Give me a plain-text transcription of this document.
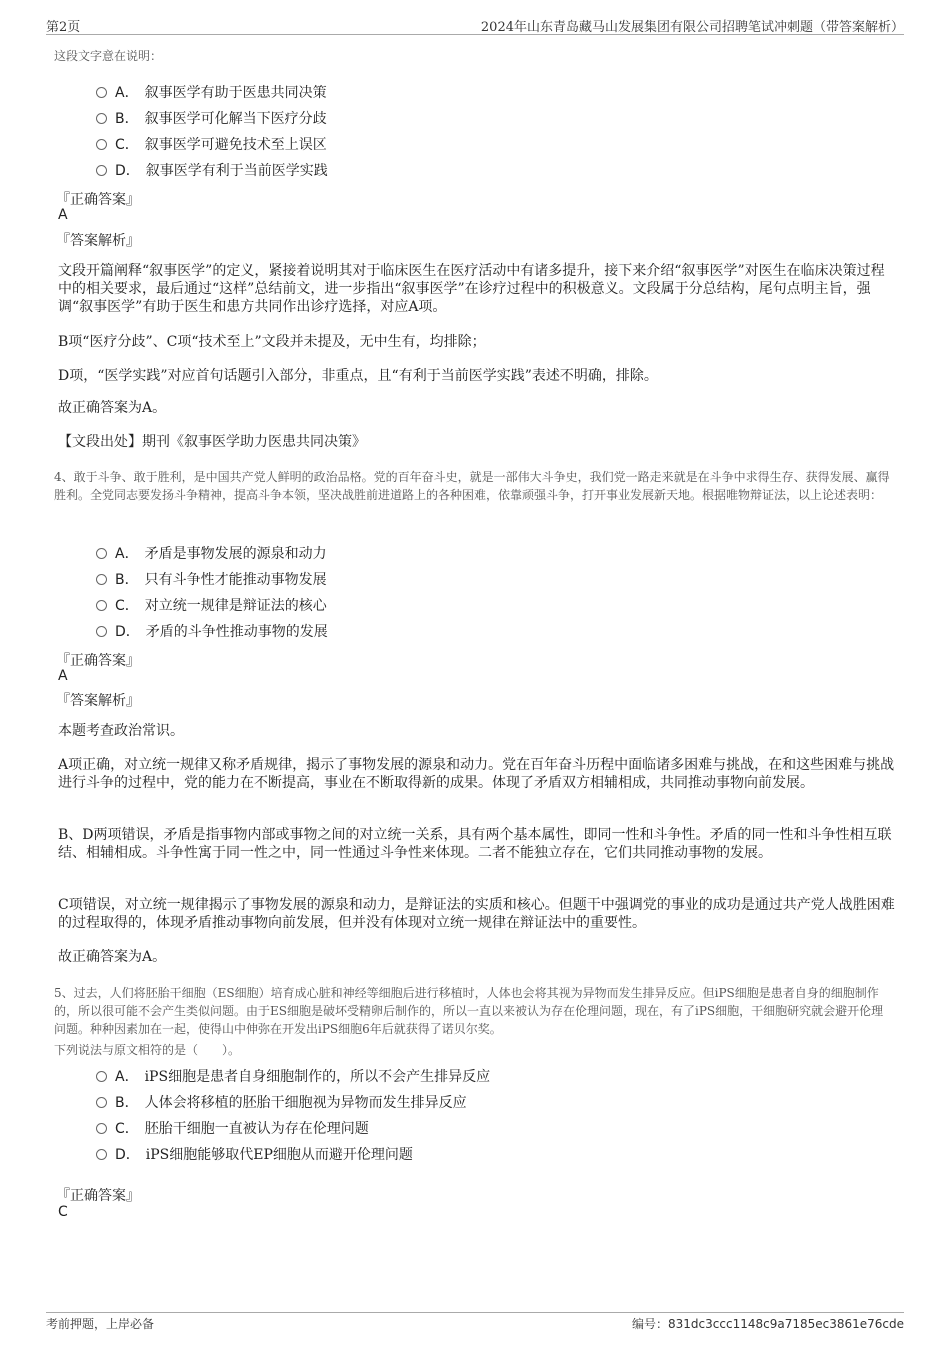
第2页	2024年山东青岛藏马山发展集团有限公司招聘笔试冲刺题（带答案解析）
这段文字意在说明：
A． 叙事医学有助于医患共同决策
B． 叙事医学可化解当下医疗分歧
C． 叙事医学可避免技术至上误区
D． 叙事医学有利于当前医学实践
『正确答案』
A
『答案解析』
文段开篇阐释“叙事医学”的定义，紧接着说明其对于临床医生在医疗活动中有诸多提升，接下来介绍“叙事医学”对医生在临床决策过程中的相关要求，最后通过“这样”总结前文，进一步指出“叙事医学”在诊疗过程中的积极意义。文段属于分总结构，尾句点明主旨，强调“叙事医学”有助于医生和患方共同作出诊疗选择，对应A项。
B项“医疗分歧”、C项“技术至上”文段并未提及，无中生有，均排除；
D项，“医学实践”对应首句话题引入部分，非重点，且“有利于当前医学实践”表述不明确，排除。
故正确答案为A。
【文段出处】期刊《叙事医学助力医患共同决策》
4、敢于斗争、敢于胜利，是中国共产党人鲜明的政治品格。党的百年奋斗史，就是一部伟大斗争史，我们党一路走来就是在斗争中求得生存、获得发展、赢得胜利。全党同志要发扬斗争精神，提高斗争本领，坚决战胜前进道路上的各种困难，依靠顽强斗争，打开事业发展新天地。根据唯物辩证法，以上论述表明：
A． 矛盾是事物发展的源泉和动力
B． 只有斗争性才能推动事物发展
C． 对立统一规律是辩证法的核心
D． 矛盾的斗争性推动事物的发展
『正确答案』
A
『答案解析』
本题考查政治常识。
A项正确，对立统一规律又称矛盾规律，揭示了事物发展的源泉和动力。党在百年奋斗历程中面临诸多困难与挑战，在和这些困难与挑战进行斗争的过程中，党的能力在不断提高，事业在不断取得新的成果。体现了矛盾双方相辅相成，共同推动事物向前发展。
B、D两项错误，矛盾是指事物内部或事物之间的对立统一关系，具有两个基本属性，即同一性和斗争性。矛盾的同一性和斗争性相互联结、相辅相成。斗争性寓于同一性之中，同一性通过斗争性来体现。二者不能独立存在，它们共同推动事物的发展。
C项错误，对立统一规律揭示了事物发展的源泉和动力，是辩证法的实质和核心。但题干中强调党的事业的成功是通过共产党人战胜困难的过程取得的，体现矛盾推动事物向前发展，但并没有体现对立统一规律在辩证法中的重要性。
故正确答案为A。
5、过去，人们将胚胎干细胞（ES细胞）培育成心脏和神经等细胞后进行移植时，人体也会将其视为异物而发生排异反应。但iPS细胞是患者自身的细胞制作的，所以很可能不会产生类似问题。由于ES细胞是破坏受精卵后制作的，所以一直以来被认为存在伦理问题，现在，有了iPS细胞，干细胞研究就会避开伦理问题。种种因素加在一起，使得山中伸弥在开发出iPS细胞6年后就获得了诺贝尔奖。
下列说法与原文相符的是（　　）。
A． iPS细胞是患者自身细胞制作的，所以不会产生排异反应
B． 人体会将移植的胚胎干细胞视为异物而发生排异反应
C． 胚胎干细胞一直被认为存在伦理问题
D． iPS细胞能够取代EP细胞从而避开伦理问题
『正确答案』
C
考前押题，上岸必备	编号：831dc3ccc1148c9a7185ec3861e76cde
